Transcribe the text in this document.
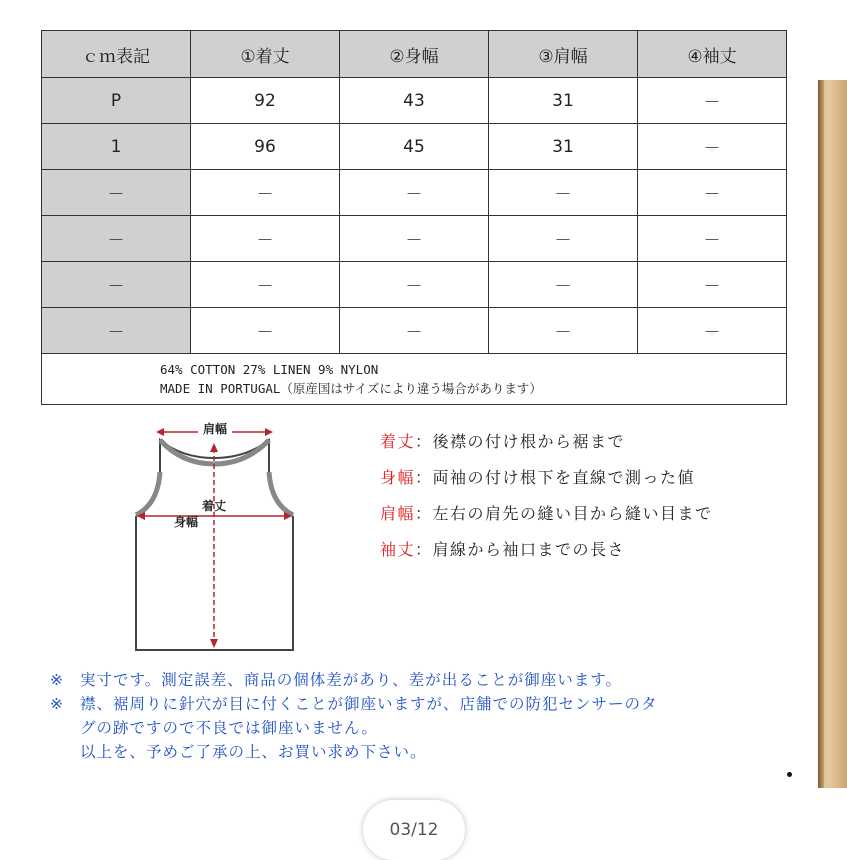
ｃｍ表記	①着丈	②身幅	③肩幅	④袖丈
P	92	43	31	－
1	96	45	31	－
－	－	－	－	－
－	－	－	－	－
－	－	－	－	－
－	－	－	－	－

64% COTTON 27% LINEN 9% NYLON
MADE IN PORTUGAL（原産国はサイズにより違う場合があります）				
肩幅
着丈
身幅
着丈：後襟の付け根から裾まで
身幅：両袖の付け根下を直線で測った値
肩幅：左右の肩先の縫い目から縫い目まで
袖丈：肩線から袖口までの長さ
※ 実寸です。測定誤差、商品の個体差があり、差が出ることが御座います。
※ 襟、裾周りに針穴が目に付くことが御座いますが、店舗での防犯センサーのタ
グの跡ですので不良では御座いません。
以上を、予めご了承の上、お買い求め下さい。
03/12
